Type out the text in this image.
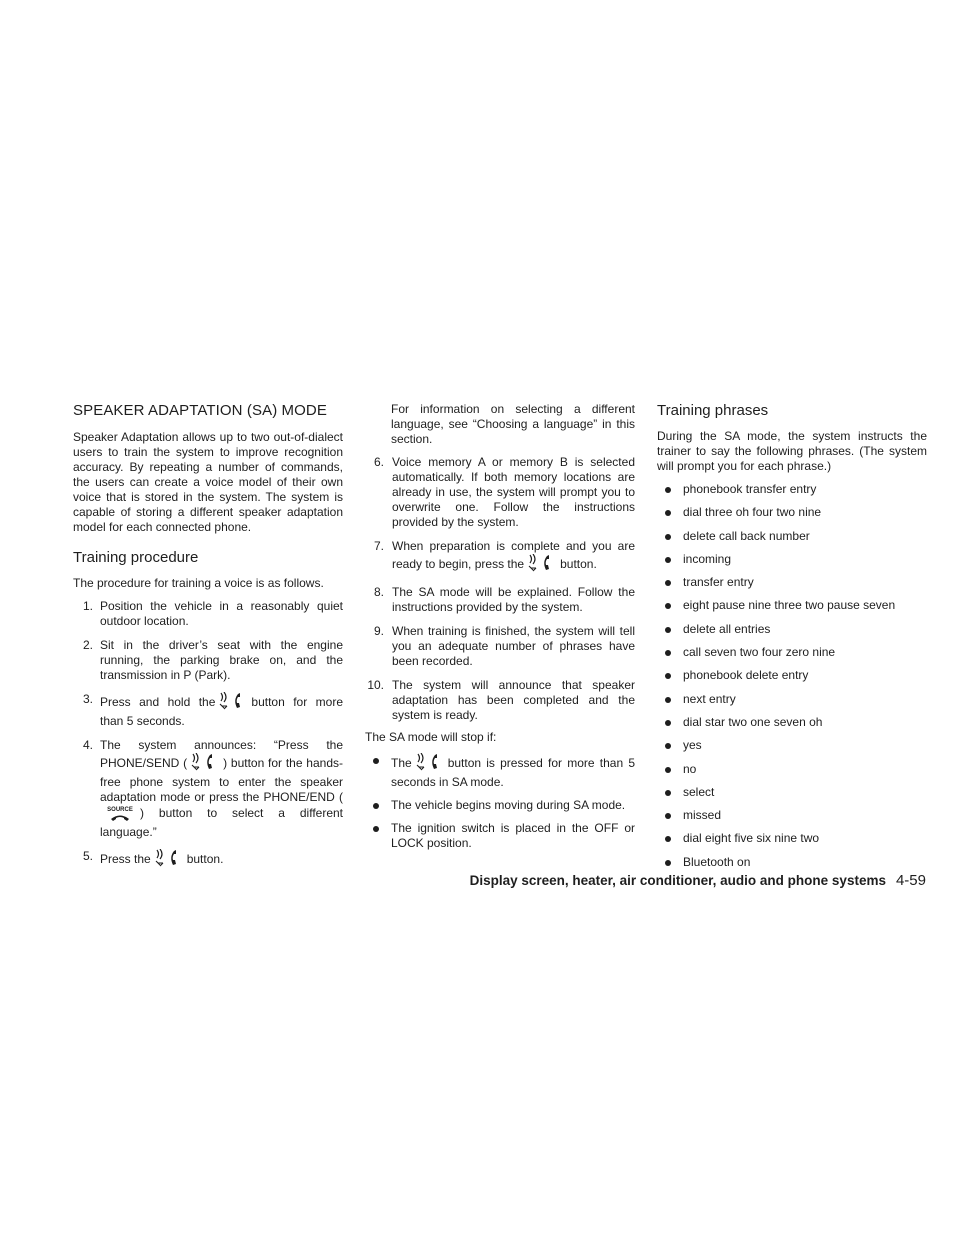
SPEAKER ADAPTATION (SA) MODE

Speaker Adaptation allows up to two out-of-dialect users to train the system to improve recognition accuracy. By repeating a number of commands, the users can create a voice model of their own voice that is stored in the system. The system is capable of storing a different speaker adaptation model for each connected phone.

Training procedure

The procedure for training a voice is as follows.

1. Position the vehicle in a reasonably quiet outdoor location.
2. Sit in the driver’s seat with the engine running, the parking brake on, and the transmission in P (Park).
3. Press and hold the	button for more than 5 seconds.
4. The system announces: “Press the PHONE/SEND (	) button for the hands-free phone system to enter the speaker adaptation mode or press the PHONE/END (
SOURCE ) button to select a different language.”
5. Press the	button.

For information on selecting a different language, see “Choosing a language” in this section.

6. Voice memory A or memory B is selected automatically. If both memory locations are already in use, the system will prompt you to overwrite one. Follow the instructions provided by the system.
7. When preparation is complete and you are ready to begin, press the	button.
8. The SA mode will be explained. Follow the instructions provided by the system.
9. When training is finished, the system will tell you an adequate number of phrases have been recorded.
10. The system will announce that speaker adaptation has been completed and the system is ready.

The SA mode will stop if:

The	button is pressed for more than 5 seconds in SA mode.
The vehicle begins moving during SA mode.
The ignition switch is placed in the OFF or LOCK position.
Training phrases

During the SA mode, the system instructs the trainer to say the following phrases. (The system will prompt you for each phrase.)

phonebook transfer entry
dial three oh four two nine
delete call back number
incoming
transfer entry
eight pause nine three two pause seven
delete all entries
call seven two four zero nine
phonebook delete entry
next entry
dial star two one seven oh
yes
no
select
missed
dial eight five six nine two
Bluetooth on
Display screen, heater, air conditioner, audio and phone systems 4-59
